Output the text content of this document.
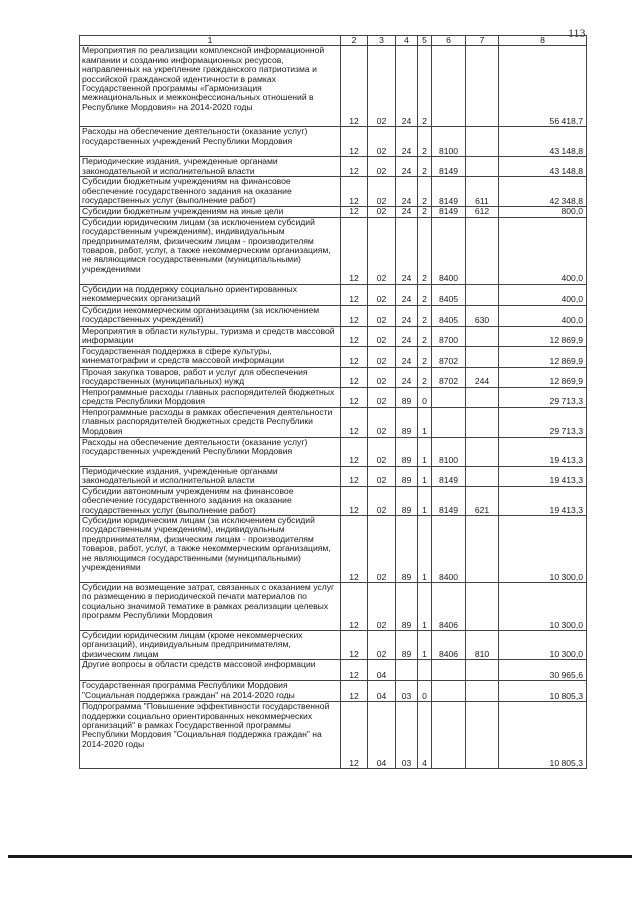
113
1	2	3	4	5	6	7	8
Мероприятия по реализации комплексной информационной кампании и созданию информационных ресурсов, направленных на укрепление гражданского патриотизма и российской гражданской идентичности в рамках Государственной программы «Гармонизация межнациональных и межконфессиональных отношений в Республике Мордовия» на 2014-2020 годы	12	02	24	2			56 418,7
Расходы на обеспечение деятельности (оказание услуг) государственных учреждений Республики Мордовия	12	02	24	2	8100		43 148,8
Периодические издания, учрежденные органами законодательной и исполнительной власти	12	02	24	2	8149		43 148,8
Субсидии бюджетным учреждениям на финансовое обеспечение государственного задания на оказание государственных услуг (выполнение работ)	12	02	24	2	8149	611	42 348,8
Субсидии бюджетным учреждениям на иные цели	12	02	24	2	8149	612	800,0
Субсидии юридическим лицам (за исключением субсидий государственным учреждениям), индивидуальным предпринимателям, физическим лицам - производителям товаров, работ, услуг, а также некоммерческим организациям, не являющимся государственными (муниципальными) учреждениями	12	02	24	2	8400		400,0
Субсидии на поддержку социально ориентированных некоммерческих организаций	12	02	24	2	8405		400,0
Субсидии некоммерческим организациям (за исключением государственных учреждений)	12	02	24	2	8405	630	400,0
Мероприятия в области культуры, туризма и средств массовой информации	12	02	24	2	8700		12 869,9
Государственная поддержка в сфере культуры, кинематографии и средств массовой информации	12	02	24	2	8702		12 869,9
Прочая закупка товаров, работ и услуг для обеспечения государственных (муниципальных) нужд	12	02	24	2	8702	244	12 869,9
Непрограммные расходы главных распорядителей бюджетных средств Республики Мордовия	12	02	89	0			29 713,3
Непрограммные расходы в рамках обеспечения деятельности главных распорядителей бюджетных средств Республики Мордовия	12	02	89	1			29 713,3
Расходы на обеспечение деятельности (оказание услуг) государственных учреждений Республики Мордовия	12	02	89	1	8100		19 413,3
Периодические издания, учрежденные органами законодательной и исполнительной власти	12	02	89	1	8149		19 413,3
Субсидии автономным учреждениям на финансовое обеспечение государственного задания на оказание государственных услуг (выполнение работ)	12	02	89	1	8149	621	19 413,3
Субсидии юридическим лицам (за исключением субсидий государственным учреждениям), индивидуальным предпринимателям, физическим лицам - производителям товаров, работ, услуг, а также некоммерческим организациям, не являющимся государственными (муниципальными) учреждениями	12	02	89	1	8400		10 300,0
Субсидии на возмещение затрат, связанных с оказанием услуг по размещению в периодической печати материалов по социально значимой тематике в рамках реализации целевых программ Республики Мордовия	12	02	89	1	8406		10 300,0
Субсидии юридическим лицам (кроме некоммерческих организаций), индивидуальным предпринимателям, физическим лицам	12	02	89	1	8406	810	10 300,0
Другие вопросы в области средств массовой информации	12	04					30 965,6
Государственная программа Республики Мордовия "Социальная поддержка граждан" на 2014-2020 годы	12	04	03	0			10 805,3
Подпрограмма "Повышение эффективности государственной поддержки социально ориентированных некоммерческих организаций" в рамках Государственной программы Республики Мордовия "Социальная поддержка граждан" на 2014-2020 годы	12	04	03	4			10 805,3
